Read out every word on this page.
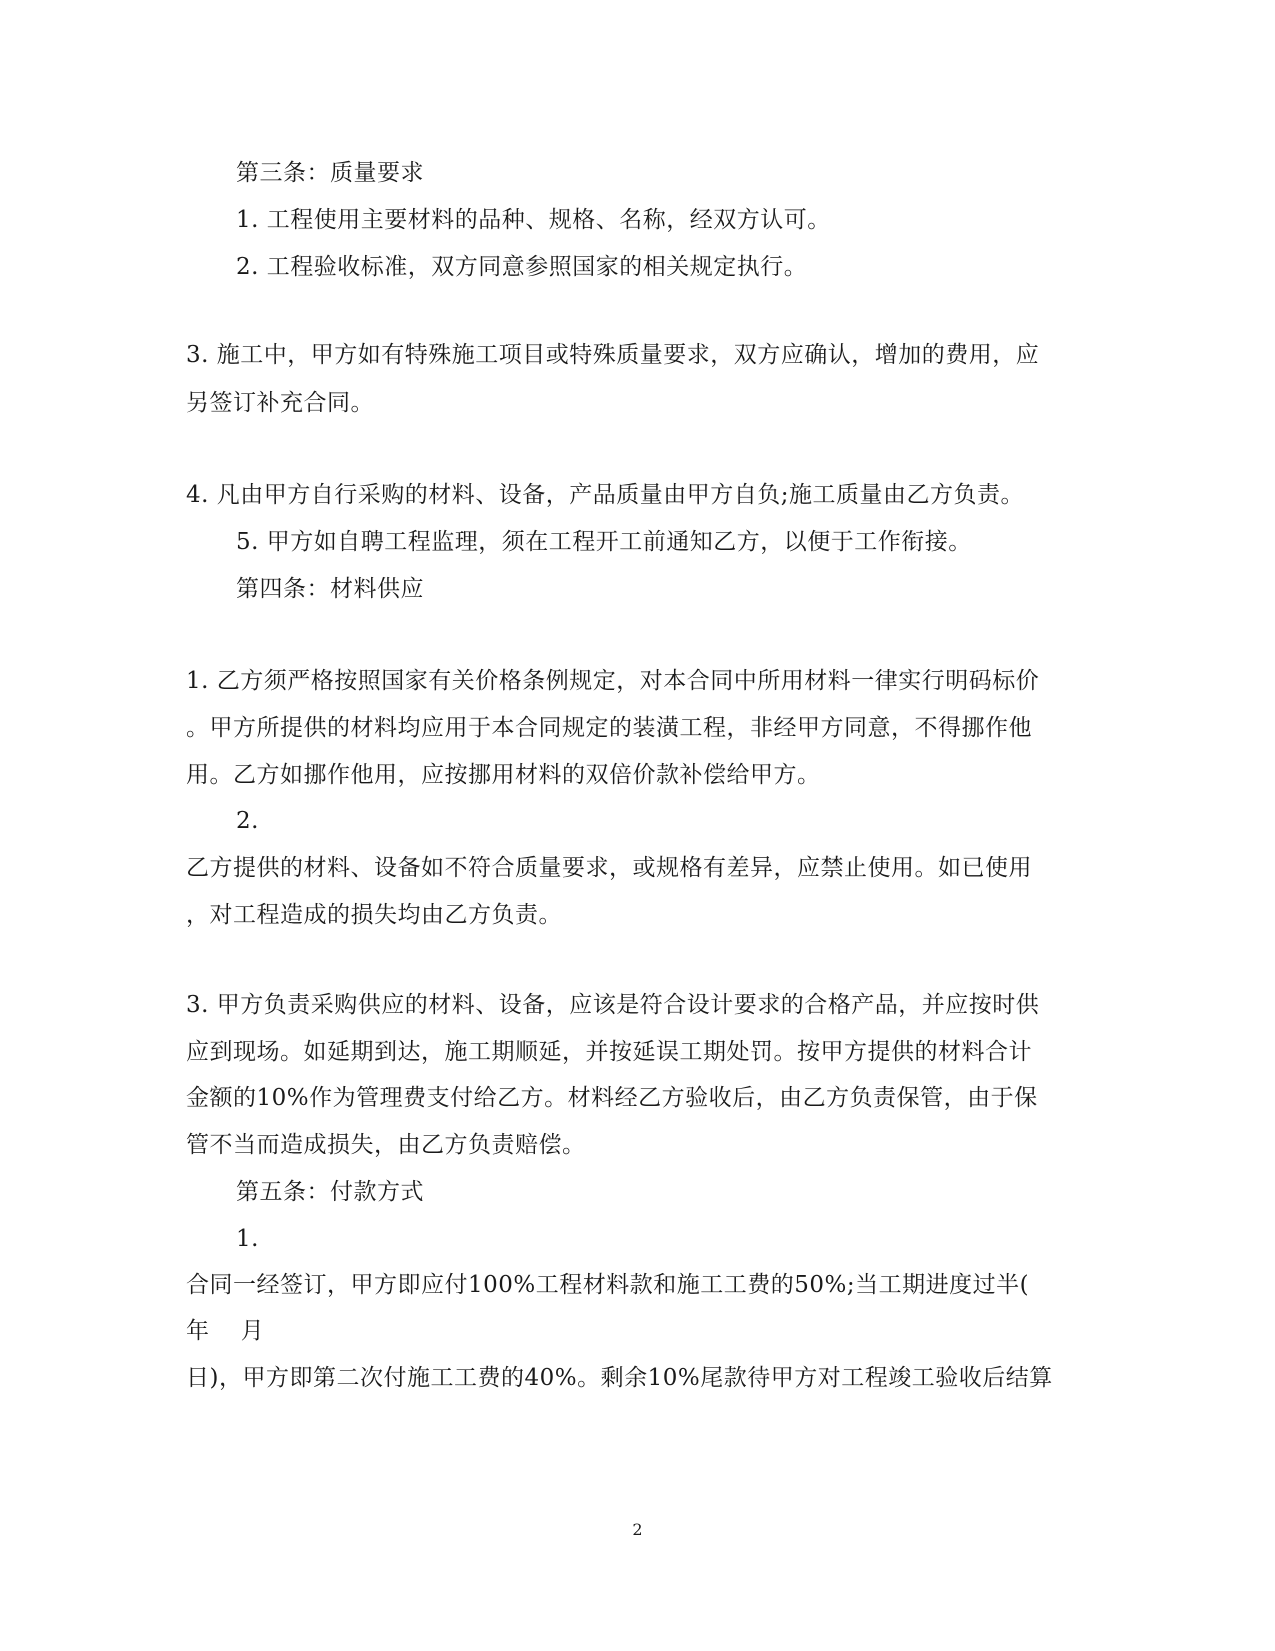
第三条：质量要求
1. 工程使用主要材料的品种、规格、名称，经双方认可。
2. 工程验收标准，双方同意参照国家的相关规定执行。
3. 施工中，甲方如有特殊施工项目或特殊质量要求，双方应确认，增加的费用，应
另签订补充合同。
4. 凡由甲方自行采购的材料、设备，产品质量由甲方自负;施工质量由乙方负责。
5. 甲方如自聘工程监理，须在工程开工前通知乙方，以便于工作衔接。
第四条：材料供应
1. 乙方须严格按照国家有关价格条例规定，对本合同中所用材料一律实行明码标价
。甲方所提供的材料均应用于本合同规定的装潢工程，非经甲方同意，不得挪作他
用。乙方如挪作他用，应按挪用材料的双倍价款补偿给甲方。
2.
乙方提供的材料、设备如不符合质量要求，或规格有差异，应禁止使用。如已使用
，对工程造成的损失均由乙方负责。
3. 甲方负责采购供应的材料、设备，应该是符合设计要求的合格产品，并应按时供
应到现场。如延期到达，施工期顺延，并按延误工期处罚。按甲方提供的材料合计
金额的10%作为管理费支付给乙方。材料经乙方验收后，由乙方负责保管，由于保
管不当而造成损失，由乙方负责赔偿。
第五条：付款方式
1.
合同一经签订，甲方即应付100%工程材料款和施工工费的50%;当工期进度过半(
年　 月
日)，甲方即第二次付施工工费的40%。剩余10%尾款待甲方对工程竣工验收后结算
2
